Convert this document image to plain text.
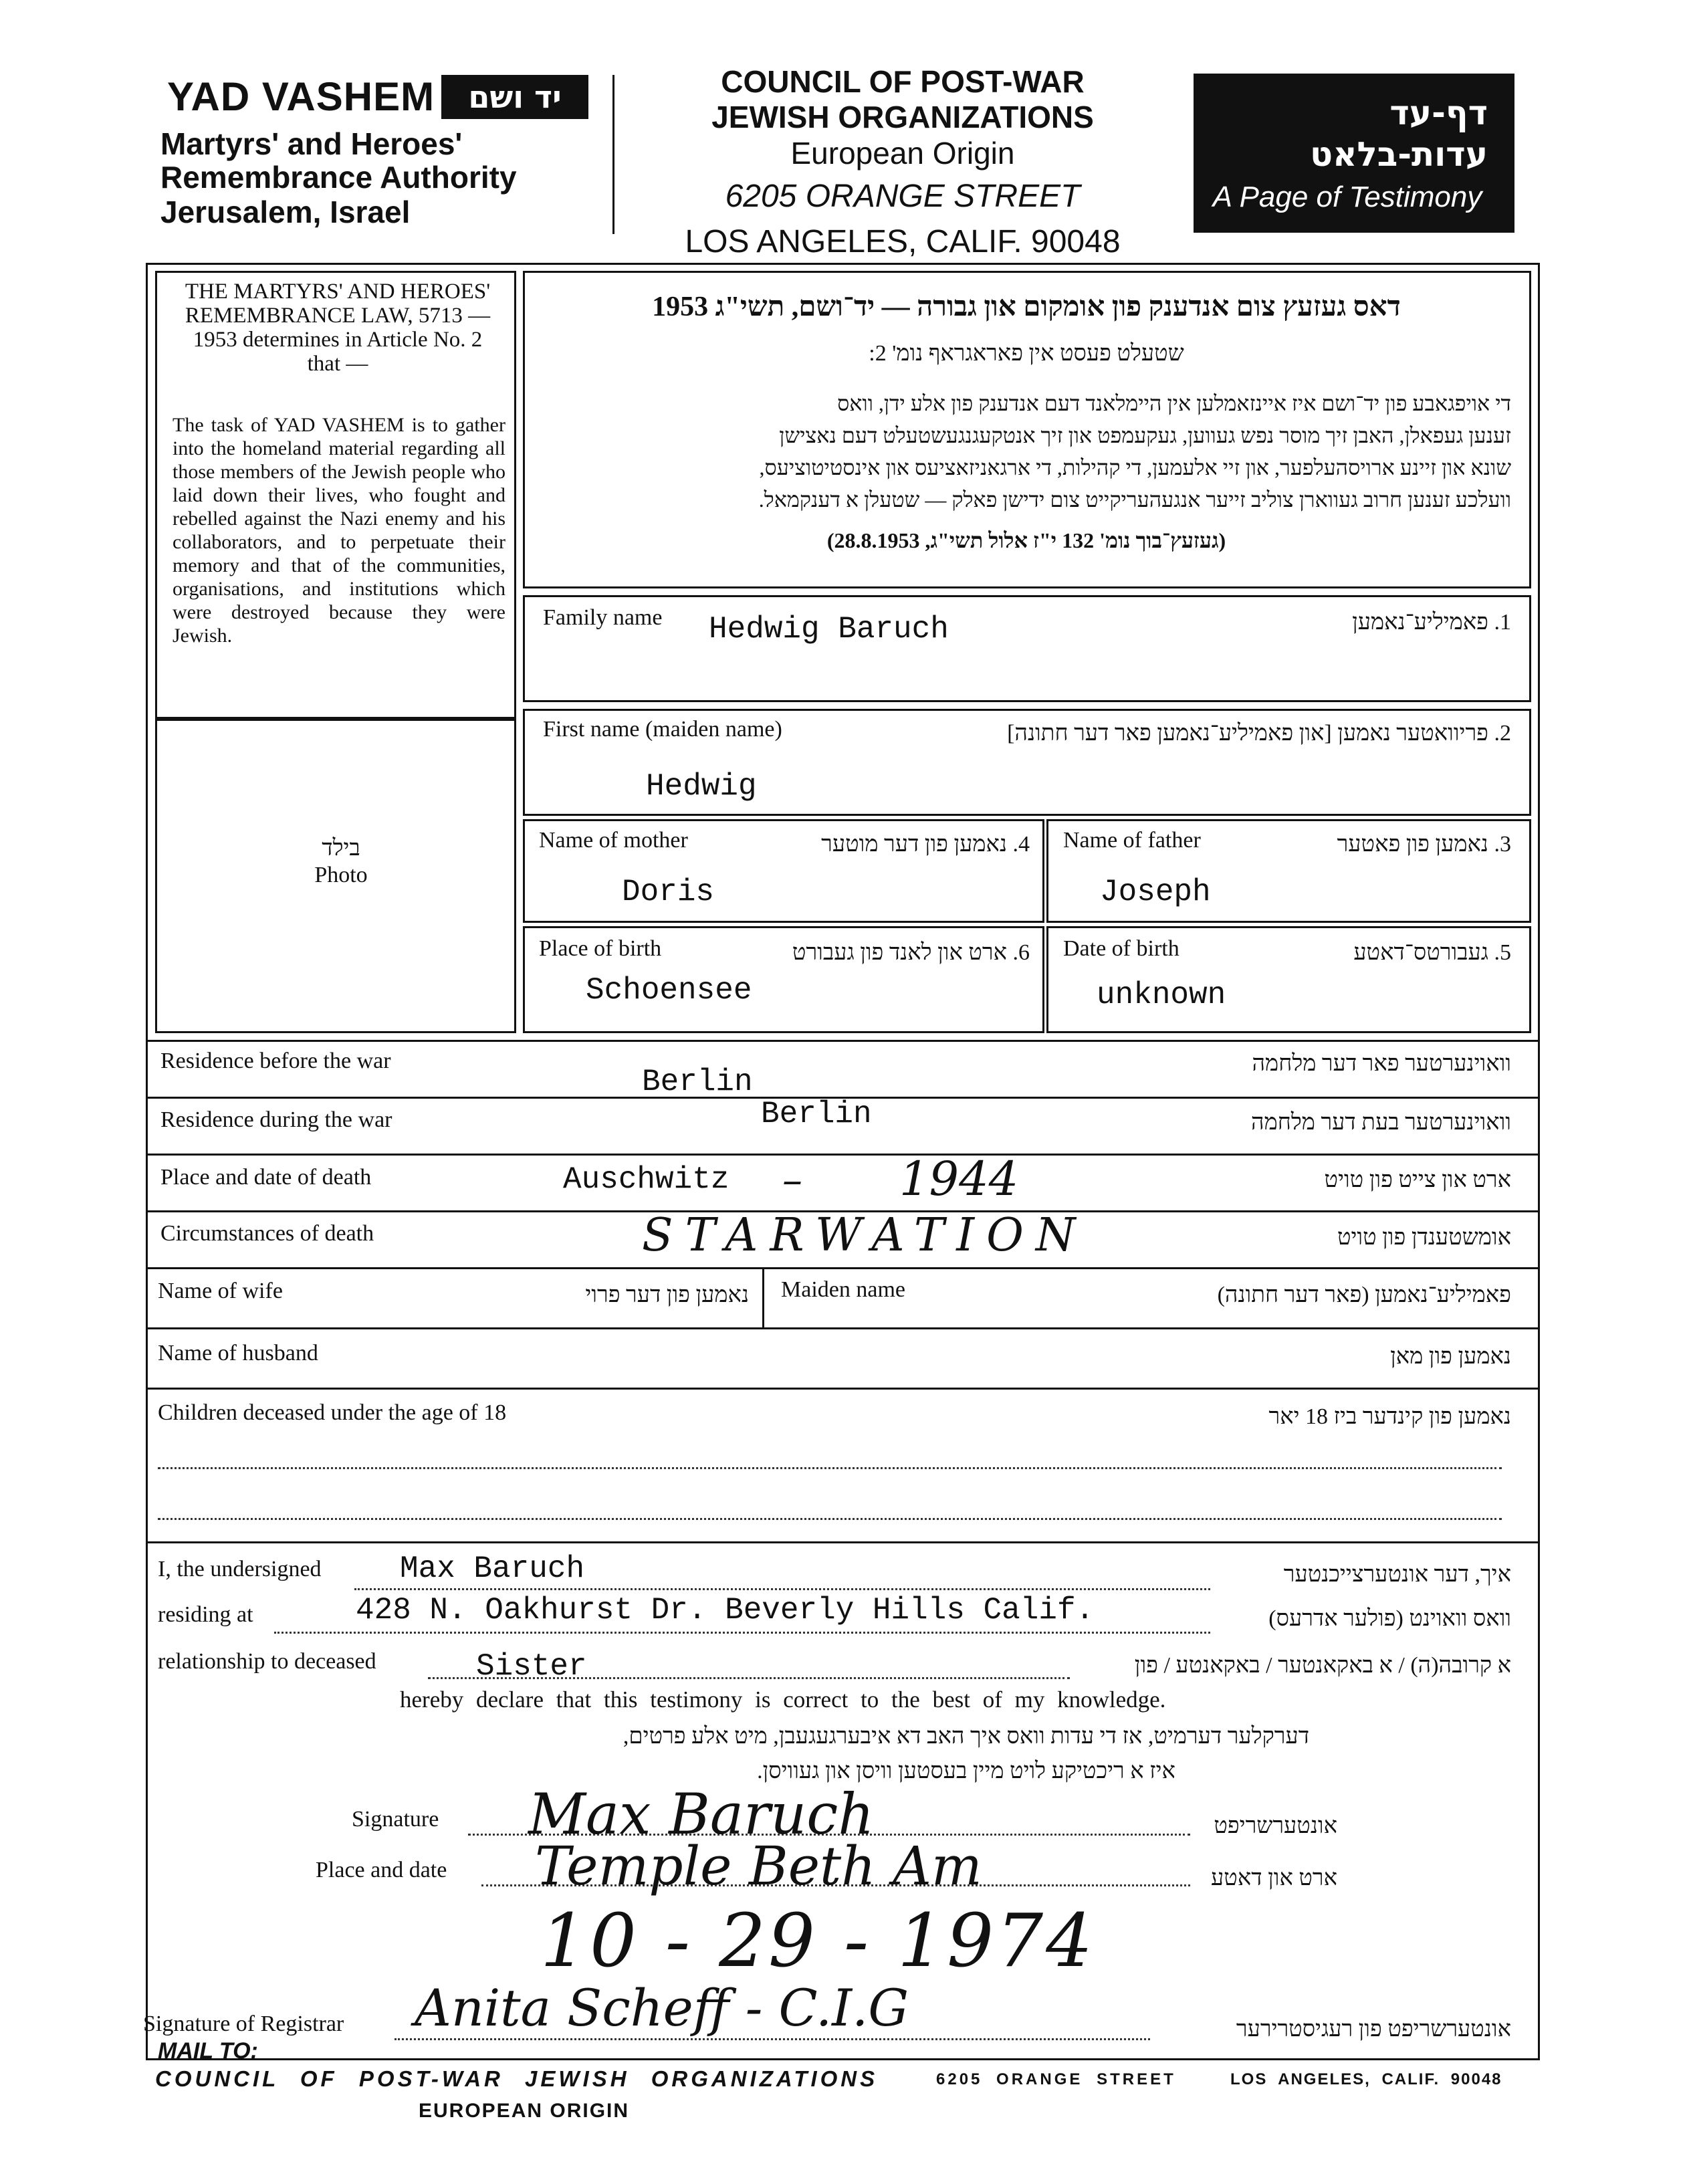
YAD VASHEM יד ושם
Martyrs' and Heroes'
Remembrance Authority
Jerusalem, Israel
COUNCIL OF POST-WAR
JEWISH ORGANIZATIONS
European Origin
6205 ORANGE STREET
LOS ANGELES, CALIF. 90048
דף-עד
עדות-בלאט
A Page of Testimony
THE MARTYRS' AND HEROES' REMEMBRANCE LAW, 5713 — 1953 determines in Article No. 2 that —
The task of YAD VASHEM is to gather into the homeland material regarding all those members of the Jewish people who laid down their lives, who fought and rebelled against the Nazi enemy and his collaborators, and to perpetuate their memory and that of the communities, organisations, and institutions which were destroyed because they were Jewish.
בילד
Photo
דאס געזעץ צום אנדענק פון אומקום און גבורה — יד־ושם, תשי"ג 1953
שטעלט פעסט אין פאראגראף נומ' 2:
די אויפגאבע פון יד־ושם איז איינזאמלען אין היימלאנד דעם אנדענק פון אלע ידן, וואס
זענען געפאלן, האבן זיך מוסר נפש געווען, געקעמפט און זיך אנטקעגנגעשטעלט דעם נאצישן
שונא און זיינע ארויסהעלפער, און זיי אלעמען, די קהילות, די ארגאניזאציעס און אינסטיטוציעס,
וועלכע זענען חרוב געווארן צוליב זייער אנגעהעריקייט צום ידישן פאלק — שטעלן א דענקמאל.
(געזעץ־בוך נומ' 132 י"ז אלול תשי"ג, 28.8.1953)
Family name	1. פאמיליע־נאמען
Hedwig Baruch
First name (maiden name)	2. פריוואטער נאמען [און פאמיליע־נאמען פאר דער חתונה]
Hedwig
Name of mother	4. נאמען פון דער מוטער
Doris
Name of father	3. נאמען פון פאטער
Joseph
Place of birth	6. ארט און לאנד פון געבורט
Schoensee
Date of birth	5. געבורטס־דאטע
unknown
Residence before the war	וואוינערטער פאר דער מלחמה
Berlin
Residence during the war	וואוינערטער בעת דער מלחמה
Berlin
Place and date of death	ארט און צייט פון טויט
Auschwitz – 1944
Circumstances of death	אומשטענדן פון טויט
STARWATION
Name of wife	נאמען פון דער פרוי Maiden name	פאמיליע־נאמען (פאר דער חתונה)
Name of husband	נאמען פון מאן
Children deceased under the age of 18	נאמען פון קינדער ביז 18 יאר
I, the undersigned	Max Baruch	איך, דער אונטערצייכנטער
residing at	428 N. Oakhurst Dr. Beverly Hills Calif.	וואס וואוינט (פולער אדרעס)
relationship to deceased	Sister	א קרובה(ה) / א באקאנטער / באקאנטע / פון
hereby declare that this testimony is correct to the best of my knowledge.
דערקלער דערמיט, אז די עדות וואס איך האב דא איבערגעגעבן, מיט אלע פרטים,
איז א ריכטיקע לויט מיין בעסטען וויסן און געוויסן.
Signature Max Baruch	אונטערשריפט
Place and date Temple Beth Am	ארט און דאטע
10 - 29 - 1974
Signature of Registrar Anita Scheff - C.I.G	אונטערשריפט פון רעגיסטרירער
MAIL TO:
COUNCIL OF POST-WAR JEWISH ORGANIZATIONS	6205 ORANGE STREET	LOS ANGELES, CALIF. 90048
EUROPEAN ORIGIN
